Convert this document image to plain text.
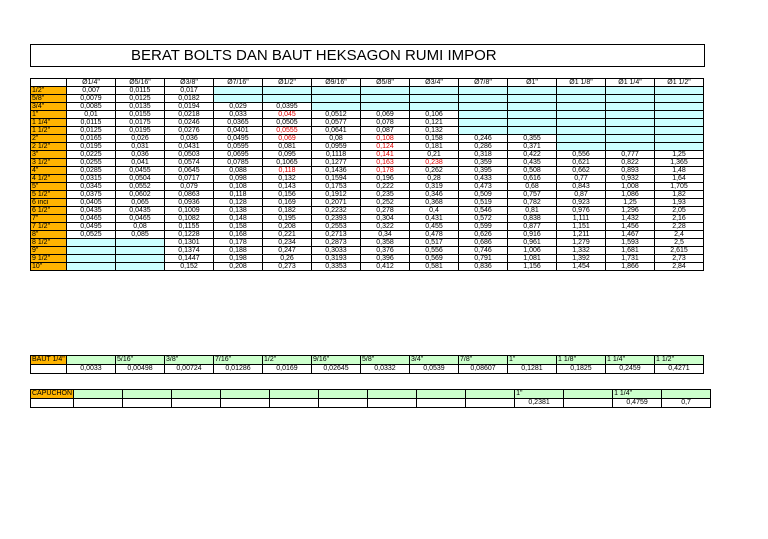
BERAT BOLTS DAN BAUT HEKSAGON RUMI IMPOR
	Ø1/4"	Ø5/16"	Ø3/8"	Ø7/16"	Ø1/2"	Ø9/16"	Ø5/8"	Ø3/4"	Ø7/8"	Ø1"	Ø1 1/8"	Ø1 1/4"	Ø1 1/2"
1/2"	0,007	0,0115	0,017										
5/8"	0,0079	0,0125	0,0182										
3/4"	0,0085	0,0135	0,0194	0,029	0,0395								
1"	0,01	0,0155	0,0218	0,033	0,045	0,0512	0,069	0,106					
1 1/4"	0,0115	0,0175	0,0246	0,0365	0,0505	0,0577	0,078	0,121					
1 1/2"	0,0125	0,0195	0,0276	0,0401	0,0555	0,0641	0,087	0,132					
2"	0,0165	0,026	0,036	0,0495	0,069	0,08	0,108	0,158	0,246	0,355			
2 1/2"	0,0195	0,031	0,0431	0,0595	0,081	0,0959	0,124	0,181	0,286	0,371			
3"	0,0225	0,036	0,0503	0,0695	0,095	0,1118	0,141	0,21	0,318	0,422	0,556	0,777	1,25
3 1/2"	0,0255	0,041	0,0574	0,0785	0,1065	0,1277	0,163	0,238	0,359	0,435	0,621	0,822	1,365
4"	0,0285	0,0455	0,0645	0,088	0,118	0,1436	0,178	0,262	0,395	0,508	0,662	0,893	1,48
4 1/2"	0,0315	0,0504	0,0717	0,098	0,132	0,1594	0,196	0,28	0,433	0,616	0,77	0,932	1,64
5"	0,0345	0,0552	0,079	0,108	0,143	0,1753	0,222	0,319	0,473	0,68	0,843	1,008	1,705
5 1/2"	0,0375	0,0602	0,0863	0,118	0,156	0,1912	0,235	0,346	0,509	0,757	0,87	1,086	1,82
6 inci	0,0405	0,065	0,0936	0,128	0,169	0,2071	0,252	0,368	0,519	0,782	0,923	1,25	1,93
6 1/2"	0,0435	0,0435	0,1009	0,138	0,182	0,2232	0,278	0,4	0,546	0,81	0,976	1,296	2,05
7"	0,0465	0,0465	0,1082	0,148	0,195	0,2393	0,304	0,431	0,572	0,838	1,111	1,432	2,16
7 1/2"	0,0495	0,08	0,1155	0,158	0,208	0,2553	0,322	0,455	0,599	0,877	1,151	1,456	2,28
8"	0,0525	0,085	0,1228	0,168	0,221	0,2713	0,34	0,478	0,626	0,916	1,211	1,467	2,4
8 1/2"			0,1301	0,178	0,234	0,2873	0,358	0,517	0,686	0,961	1,279	1,593	2,5
9"			0,1374	0,188	0,247	0,3033	0,376	0,556	0,746	1,006	1,332	1,681	2,615
9 1/2"			0,1447	0,198	0,26	0,3193	0,396	0,569	0,791	1,081	1,392	1,731	2,73
10"			0,152	0,208	0,273	0,3353	0,412	0,581	0,836	1,156	1,454	1,866	2,84
BAUT 1/4"		5/16"	3/8"	7/16"	1/2"	9/16"	5/8"	3/4"	7/8"	1"	1 1/8"	1 1/4"	1 1/2"
	0,0033	0,00498	0,00724	0,01286	0,0169	0,02645	0,0332	0,0539	0,08607	0,1281	0,1825	0,2459	0,4271
CAPUCHON										1"		1 1/4"	
										0,2381		0,4759	0,7
